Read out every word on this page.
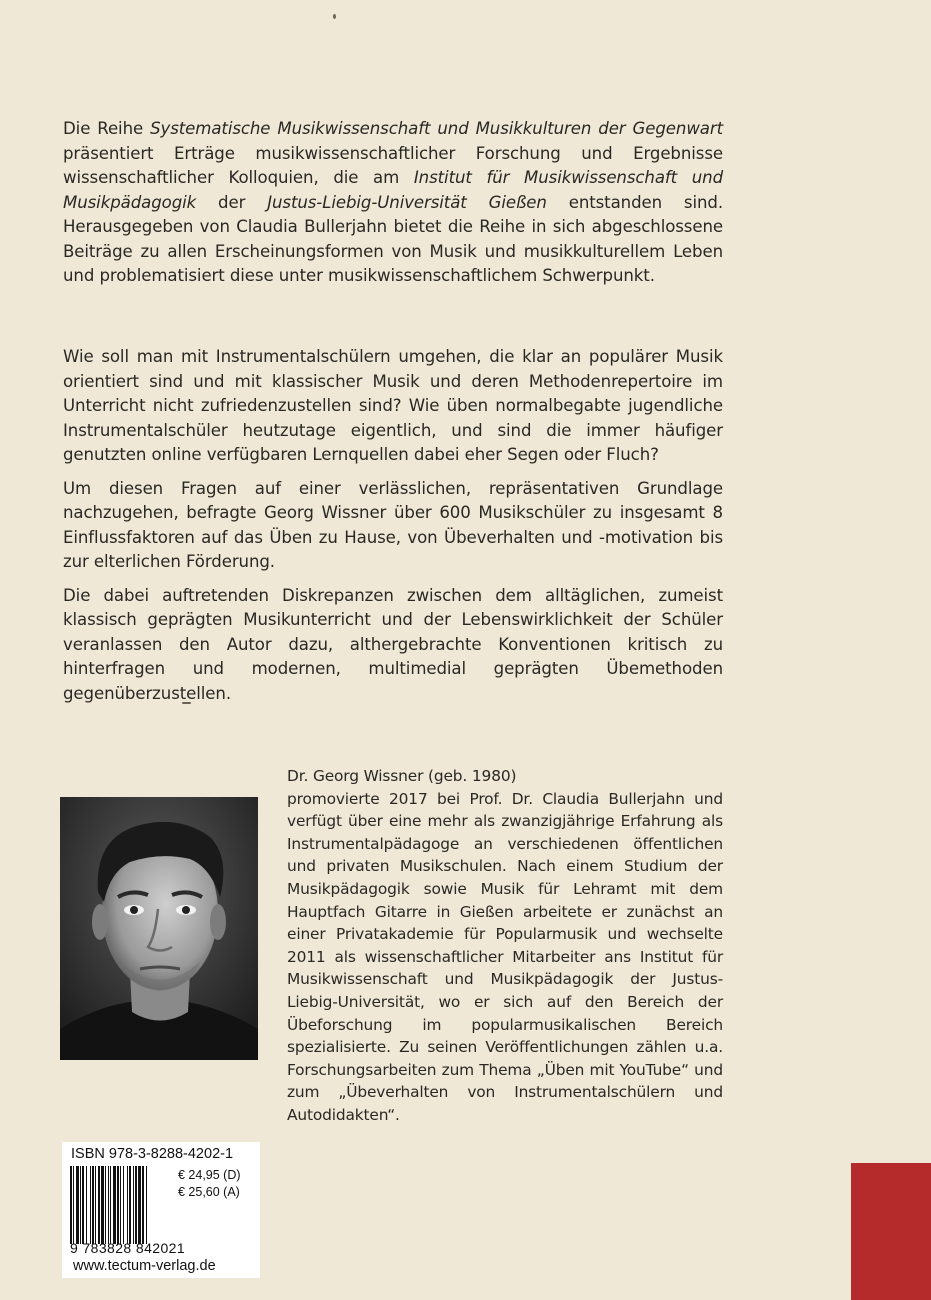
Die Reihe Systematische Musikwissenschaft und Musikkulturen der Gegenwart präsentiert Erträge musikwissenschaftlicher Forschung und Ergebnisse wissenschaftlicher Kolloquien, die am Institut für Musikwissenschaft und Musikpädagogik der Justus-Liebig-Universität Gießen entstanden sind. Herausgegeben von Claudia Bullerjahn bietet die Reihe in sich abgeschlossene Beiträge zu allen Erscheinungsformen von Musik und musikkulturellem Leben und problematisiert diese unter musikwissenschaftlichem Schwerpunkt.

Wie soll man mit Instrumentalschülern umgehen, die klar an populärer Musik orientiert sind und mit klassischer Musik und deren Methodenrepertoire im Unterricht nicht zufriedenzustellen sind? Wie üben normalbegabte jugendliche Instrumentalschüler heutzutage eigentlich, und sind die immer häufiger genutzten online verfügbaren Lernquellen dabei eher Segen oder Fluch?

Um diesen Fragen auf einer verlässlichen, repräsentativen Grundlage nachzugehen, befragte Georg Wissner über 600 Musikschüler zu insgesamt 8 Einflussfaktoren auf das Üben zu Hause, von Übeverhalten und -motivation bis zur elterlichen Förderung.

Die dabei auftretenden Diskrepanzen zwischen dem alltäglichen, zumeist klassisch geprägten Musikunterricht und der Lebenswirklichkeit der Schüler veranlassen den Autor dazu, althergebrachte Konventionen kritisch zu hinterfragen und modernen, multimedial geprägten Übemethoden gegenüberzustellen.

Dr. Georg Wissner (geb. 1980)
promovierte 2017 bei Prof. Dr. Claudia Bullerjahn und verfügt über eine mehr als zwanzigjährige Erfahrung als Instrumentalpädagoge an verschiedenen öffentlichen und privaten Musikschulen. Nach einem Studium der Musikpädagogik sowie Musik für Lehramt mit dem Hauptfach Gitarre in Gießen arbeitete er zunächst an einer Privatakademie für Popularmusik und wechselte 2011 als wissenschaftlicher Mitarbeiter ans Institut für Musikwissenschaft und Musikpädagogik der Justus-Liebig-Universität, wo er sich auf den Bereich der Übeforschung im popularmusikalischen Bereich spezialisierte. Zu seinen Veröffentlichungen zählen u.a. Forschungsarbeiten zum Thema „Üben mit YouTube“ und zum „Übeverhalten von Instrumentalschülern und Autodidakten“.
ISBN 978-3-8288-4202-1
€ 24,95 (D)
€ 25,60 (A)
9 783828 842021
www.tectum-verlag.de
